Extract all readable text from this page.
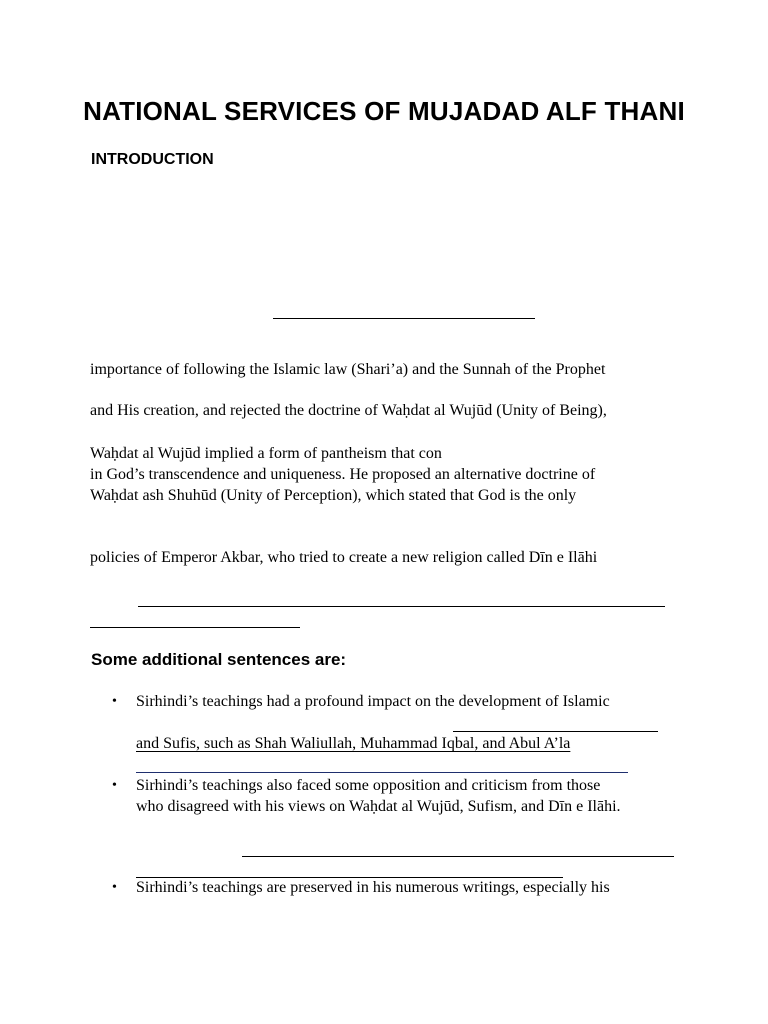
NATIONAL SERVICES OF MUJADAD ALF THANI
INTRODUCTION
importance of following the Islamic law (Shari’a) and the Sunnah of the Prophet
and His creation, and rejected the doctrine of Waḥdat al Wujūd (Unity of Being),
Waḥdat al Wujūd implied a form of pantheism that con
in God’s transcendence and uniqueness. He proposed an alternative doctrine of
Waḥdat ash Shuhūd (Unity of Perception), which stated that God is the only
policies of Emperor Akbar, who tried to create a new religion called Dīn e Ilāhi
Some additional sentences are:
• Sirhindi’s teachings had a profound impact on the development of Islamic
and Sufis, such as Shah Waliullah, Muhammad Iqbal, and Abul A’la
• Sirhindi’s teachings also faced some opposition and criticism from those
who disagreed with his views on Waḥdat al Wujūd, Sufism, and Dīn e Ilāhi.
• Sirhindi’s teachings are preserved in his numerous writings, especially his
